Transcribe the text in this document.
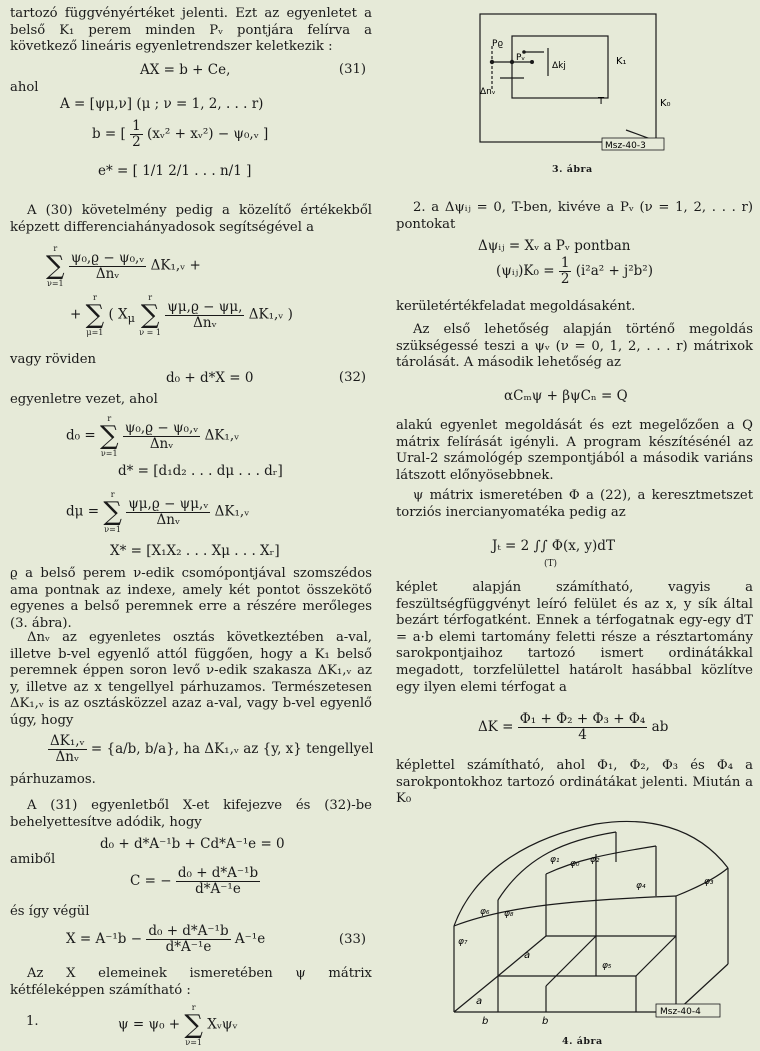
tartozó függvényértéket jelenti. Ezt az egyenletet a belső K₁ perem minden Pᵥ pontjára felírva a következő lineáris egyenletrendszer keletkezik :

AX = b + Ce,	(31)
ahol
A = [ψμ,ν] (μ ; ν = 1, 2, . . . r)
b = [ $\frac{1}{2}$ (xᵥ² + xᵥ²) − ψ₀,ᵥ ]
e* = [ 1/1 2/1 . . . n/1 ]

A (30) követelmény pedig a közelítő értékekből képzett differenciahányadosok segítségével a

r
∑
ν=1

$\frac{\text{ψ₀,ϱ − ψ₀,ᵥ}}{\text{Δnᵥ}}$ ΔK₁,ᵥ +
+
r
∑
μ=1
( $X_\mu$
r
∑
ν = 1

$\frac{\psi\mu,ϱ - \psi\mu,}{\text{Δnᵥ}}$ ΔK₁,ᵥ )
vagy röviden
d₀ + d*X = 0	(32)
egyenletre vezet, ahol
d₀ =
r
∑
ν=1

$\frac{\text{ψ₀,ϱ − ψ₀,ᵥ}}{\text{Δnᵥ}}$ ΔK₁,ᵥ
d* = [d₁d₂ . . . dμ . . . dᵣ]
dμ =
r
∑
ν=1

$\frac{\text{ψμ,ϱ − ψμ,ᵥ}}{\text{Δnᵥ}}$ ΔK₁,ᵥ
X* = [X₁X₂ . . . Xμ . . . Xᵣ]

ϱ a belső perem ν-edik csomópontjával szomszédos ama pontnak az indexe, amely két pontot összekötő egyenes a belső peremnek erre a részére merőleges (3. ábra).

Δnᵥ az egyenletes osztás következtében a-val, illetve b-vel egyenlő attól függően, hogy a K₁ belső peremnek éppen soron levő ν-edik szakasza ΔK₁,ᵥ az y, illetve az x tengellyel párhuzamos. Természetesen ΔK₁,ᵥ is az osztásközzel azaz a-val, vagy b-vel egyenlő úgy, hogy

$\frac{\text{ΔK₁,ᵥ}}{\text{Δnᵥ}} = \{a/b$, b/a}, ha ΔK₁,ᵥ az {y, x} tengellyel
párhuzamos.

A (31) egyenletből X-et kifejezve és (32)-be behelyettesítve adódik, hogy

d₀ + d*A⁻¹b + Cd*A⁻¹e = 0
amiből
C = − $\frac{\text{d₀ + d*A⁻¹b}}{\text{d*A⁻¹e}}$
és így végül
$X = A^{-1}b - \frac{\text{d₀ + d*A⁻¹b}}{\text{d*A⁻¹e}} A^{-1}e$	(33)

Az X elemeinek ismeretében ψ mátrix kétféleképpen számítható :

1.	ψ = ψ₀ +
r
∑
ν=1
Xᵥψᵥ
Msz-40-3
Pϱ
Pᵥ
Δkj	K₁
T	K₀
Δnᵥ
3. ábra

2. a Δψᵢⱼ = 0, T-ben, kivéve a Pᵥ (ν = 1, 2, . . . r) pontokat

Δψᵢⱼ = Xᵥ a Pᵥ pontban
(ψᵢⱼ)K₀ = $\frac{1}{2} (i^2a^2 + j^2b^2)$
kerületértékfeladat megoldásaként.

Az első lehetőség alapján történő megoldás szükségessé teszi a ψᵥ (ν = 0, 1, 2, . . . r) mátrixok tárolását. A második lehetőség az

αCₘψ + βψCₙ = Q

alakú egyenlet megoldását és ezt megelőzően a Q mátrix felírását igényli. A program készítésénél az Ural-2 számológép szempontjából a második variáns látszott előnyösebbnek.

ψ mátrix ismeretében Φ a (22), a keresztmetszet torziós inercianyomatéka pedig az

Jₜ = 2 ∫∫ Φ(x, y)dT
(T)

képlet alapján számítható, vagyis a feszültségfüggvényt leíró felület és az x, y sík által bezárt térfogatként. Ennek a térfogatnak egy-egy dT = a·b elemi tartomány feletti része a résztartomány sarokpontjaihoz tartozó ismert ordinátákkal megadott, torzfelülettel határolt hasábbal közlítve egy ilyen elemi térfogat a

$\Delta K = \frac{\text{Φ₁ + Φ₂ + Φ₃ + Φ₄}}{4}$ ab

képlettel számítható, ahol Φ₁, Φ₂, Φ₃ és Φ₄ a sarokpontokhoz tartozó ordinátákat jelenti. Miután a K₀

Msz-40-4
φ₁ φ₀ φ₂
φ₃
φ₄
φ₆ φ₈
φ₇
φ₅
a
a
b	b
4. ábra
